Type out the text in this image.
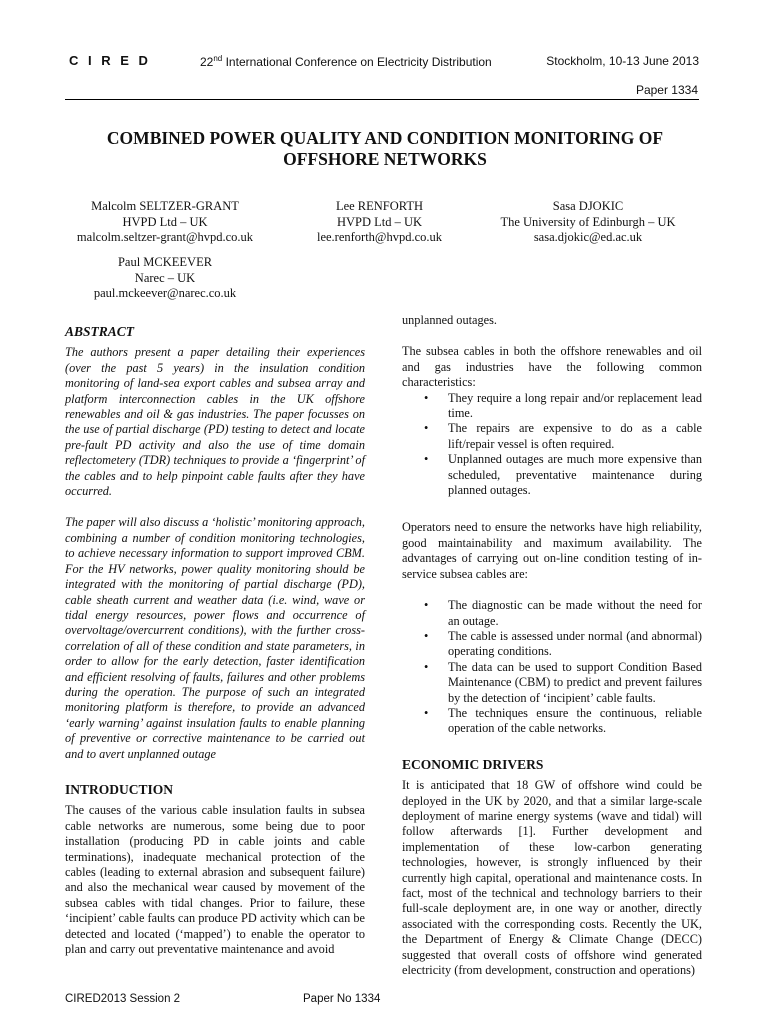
C I R E D	22nd International Conference on Electricity Distribution	Stockholm, 10-13 June 2013
Paper 1334
COMBINED POWER QUALITY AND CONDITION MONITORING OF
OFFSHORE NETWORKS
Malcolm SELTZER-GRANT
HVPD Ltd – UK
malcolm.seltzer-grant@hvpd.co.uk
Lee RENFORTH
HVPD Ltd – UK
lee.renforth@hvpd.co.uk
Sasa DJOKIC
The University of Edinburgh – UK
sasa.djokic@ed.ac.uk
Paul MCKEEVER
Narec – UK
paul.mckeever@narec.co.uk
ABSTRACT

The authors present a paper detailing their experiences (over the past 5 years) in the insulation condition monitoring of land-sea export cables and subsea array and platform interconnection cables in the UK offshore renewables and oil & gas industries. The paper focusses on the use of partial discharge (PD) testing to detect and locate pre-fault PD activity and also the use of time domain reflectometery (TDR) techniques to provide a ‘fingerprint’ of the cables and to help pinpoint cable faults after they have occurred.

The paper will also discuss a ‘holistic’ monitoring approach, combining a number of condition monitoring technologies, to achieve necessary information to support improved CBM. For the HV networks, power quality monitoring should be integrated with the monitoring of partial discharge (PD), cable sheath current and weather data (i.e. wind, wave or tidal energy resources, power flows and occurrence of overvoltage/overcurrent conditions), with the further cross-correlation of all of these condition and state parameters, in order to allow for the early detection, faster identification and efficient resolving of faults, failures and other problems during the operation. The purpose of such an integrated monitoring platform is therefore, to provide an advanced ‘early warning’ against insulation faults to enable planning of preventive or corrective maintenance to be carried out and to avert unplanned outage

INTRODUCTION

The causes of the various cable insulation faults in subsea cable networks are numerous, some being due to poor installation (producing PD in cable joints and cable terminations), inadequate mechanical protection of the cables (leading to external abrasion and subsequent failure) and also the mechanical wear caused by movement of the subsea cables with tidal changes. Prior to failure, these ‘incipient’ cable faults can produce PD activity which can be detected and located (‘mapped’) to enable the operator to plan and carry out preventative maintenance and avoid

unplanned outages.

The subsea cables in both the offshore renewables and oil and gas industries have the following common characteristics:

• They require a long repair and/or replacement lead time.
• The repairs are expensive to do as a cable lift/repair vessel is often required.
• Unplanned outages are much more expensive than scheduled, preventative maintenance during planned outages.

Operators need to ensure the networks have high reliability, good maintainability and maximum availability. The advantages of carrying out on-line condition testing of in-service subsea cables are:

• The diagnostic can be made without the need for an outage.
• The cable is assessed under normal (and abnormal) operating conditions.
• The data can be used to support Condition Based Maintenance (CBM) to predict and prevent failures by the detection of ‘incipient’ cable faults.
• The techniques ensure the continuous, reliable operation of the cable networks.
ECONOMIC DRIVERS

It is anticipated that 18 GW of offshore wind could be deployed in the UK by 2020, and that a similar large-scale deployment of marine energy systems (wave and tidal) will follow afterwards [1]. Further development and implementation of these low-carbon generating technologies, however, is strongly influenced by their currently high capital, operational and maintenance costs. In fact, most of the technical and technology barriers to their full-scale deployment are, in one way or another, directly associated with the corresponding costs. Recently the UK, the Department of Energy & Climate Change (DECC) suggested that overall costs of offshore wind generated electricity (from development, construction and operations)

CIRED2013 Session 2	Paper No 1334
